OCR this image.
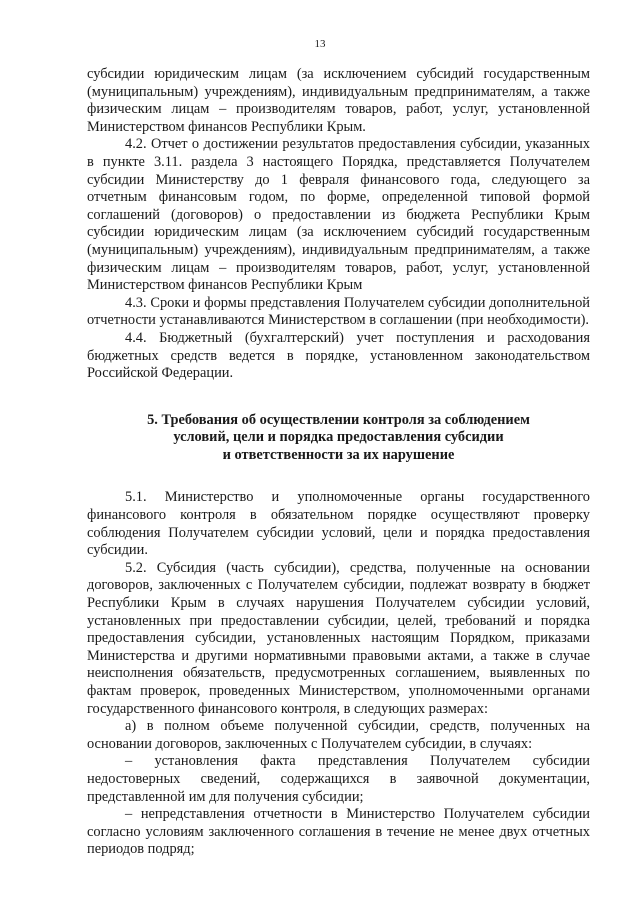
13

субсидии юридическим лицам (за исключением субсидий государственным (муниципальным) учреждениям), индивидуальным предпринимателям, а также физическим лицам – производителям товаров, работ, услуг, установленной Министерством финансов Республики Крым.

4.2. Отчет о достижении результатов предоставления субсидии, указанных в пункте 3.11. раздела 3 настоящего Порядка, представляется Получателем субсидии Министерству до 1 февраля финансового года, следующего за отчетным финансовым годом, по форме, определенной типовой формой соглашений (договоров) о предоставлении из бюджета Республики Крым субсидии юридическим лицам (за исключением субсидий государственным (муниципальным) учреждениям), индивидуальным предпринимателям, а также физическим лицам – производителям товаров, работ, услуг, установленной Министерством финансов Республики Крым

4.3. Сроки и формы представления Получателем субсидии дополнительной отчетности устанавливаются Министерством в соглашении (при необходимости).

4.4. Бюджетный (бухгалтерский) учет поступления и расходования бюджетных средств ведется в порядке, установленном законодательством Российской Федерации.

5. Требования об осуществлении контроля за соблюдением
условий, цели и порядка предоставления субсидии
и ответственности за их нарушение

5.1. Министерство и уполномоченные органы государственного финансового контроля в обязательном порядке осуществляют проверку соблюдения Получателем субсидии условий, цели и порядка предоставления субсидии.

5.2. Субсидия (часть субсидии), средства, полученные на основании договоров, заключенных с Получателем субсидии, подлежат возврату в бюджет Республики Крым в случаях нарушения Получателем субсидии условий, установленных при предоставлении субсидии, целей, требований и порядка предоставления субсидии, установленных настоящим Порядком, приказами Министерства и другими нормативными правовыми актами, а также в случае неисполнения обязательств, предусмотренных соглашением, выявленных по фактам проверок, проведенных Министерством, уполномоченными органами государственного финансового контроля, в следующих размерах:

а) в полном объеме полученной субсидии, средств, полученных на основании договоров, заключенных с Получателем субсидии, в случаях:

– установления факта представления Получателем субсидии недостоверных сведений, содержащихся в заявочной документации, представленной им для получения субсидии;

– непредставления отчетности в Министерство Получателем субсидии согласно условиям заключенного соглашения в течение не менее двух отчетных периодов подряд;
